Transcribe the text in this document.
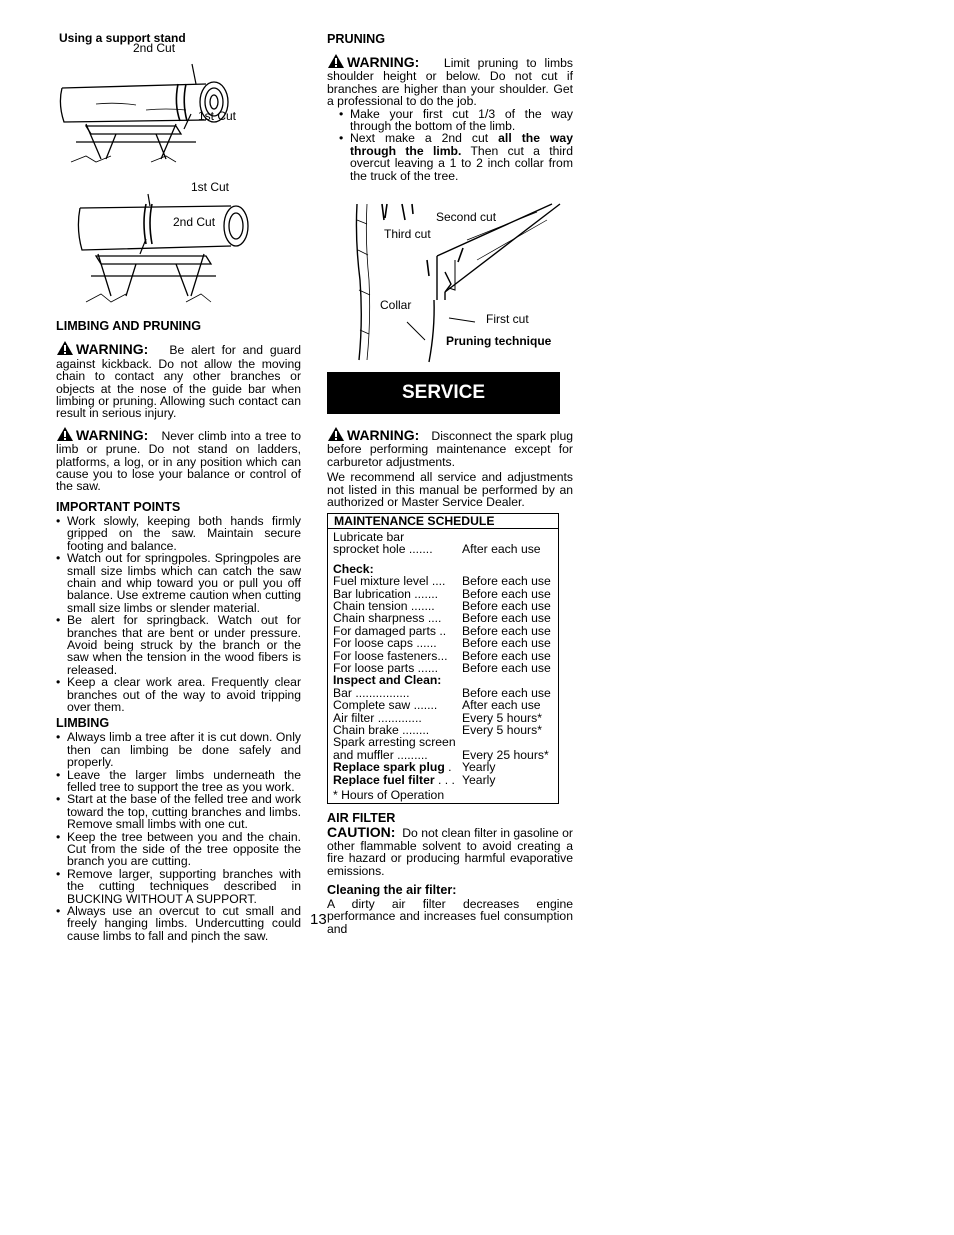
Using a support stand
2nd Cut
1st Cut
1st Cut
2nd Cut
LIMBING AND PRUNING
WARNING: Be alert for and guard against kickback. Do not allow the moving chain to contact any other branches or objects at the nose of the guide bar when limbing or pruning. Allowing such contact can result in serious injury.
WARNING: Never climb into a tree to limb or prune. Do not stand on ladders, platforms, a log, or in any position which can cause you to lose your balance or control of the saw.
IMPORTANT POINTS
• Work slowly, keeping both hands firmly gripped on the saw. Maintain secure footing and balance.
• Watch out for springpoles. Springpoles are small size limbs which can catch the saw chain and whip toward you or pull you off balance. Use extreme caution when cutting small size limbs or slender material.
• Be alert for springback. Watch out for branches that are bent or under pressure. Avoid being struck by the branch or the saw when the tension in the wood fibers is released.
• Keep a clear work area. Frequently clear branches out of the way to avoid tripping over them.
LIMBING
• Always limb a tree after it is cut down. Only then can limbing be done safely and properly.
• Leave the larger limbs underneath the felled tree to support the tree as you work.
• Start at the base of the felled tree and work toward the top, cutting branches and limbs. Remove small limbs with one cut.
• Keep the tree between you and the chain. Cut from the side of the tree opposite the branch you are cutting.
• Remove larger, supporting branches with the cutting techniques described in BUCKING WITHOUT A SUPPORT.
• Always use an overcut to cut small and freely hanging limbs. Undercutting could cause limbs to fall and pinch the saw.
PRUNING
WARNING: Limit pruning to limbs shoulder height or below. Do not cut if branches are higher than your shoulder. Get a professional to do the job.
• Make your first cut 1/3 of the way through the bottom of the limb.
• Next make a 2nd cut all the way through the limb. Then cut a third overcut leaving a 1 to 2 inch collar from the truck of the tree.
Second cut
Third cut
Collar
First cut
Pruning technique
SERVICE
WARNING: Disconnect the spark plug before performing maintenance except for carburetor adjustments.
We recommend all service and adjustments not listed in this manual be performed by an authorized or Master Service Dealer.
MAINTENANCE SCHEDULE
Lubricate bar
sprocket hole .......	After each use
Check:
Fuel mixture level ....	Before each use
Bar lubrication .......	Before each use
Chain tension .......	Before each use
Chain sharpness ....	Before each use
For damaged parts ..	Before each use
For loose caps ......	Before each use
For loose fasteners...	Before each use
For loose parts ......	Before each use
Inspect and Clean:
Bar ................	Before each use
Complete saw .......	After each use
Air filter .............	Every 5 hours*
Chain brake ........	Every 5 hours*
Spark arresting screen
and muffler .........	Every 25 hours*
Replace spark plug . Yearly
Replace fuel filter . . . Yearly
* Hours of Operation
AIR FILTER
CAUTION: Do not clean filter in gasoline or other flammable solvent to avoid creating a fire hazard or producing harmful evaporative emissions.
Cleaning the air filter:
A dirty air filter decreases engine performance and increases fuel consumption and
13
